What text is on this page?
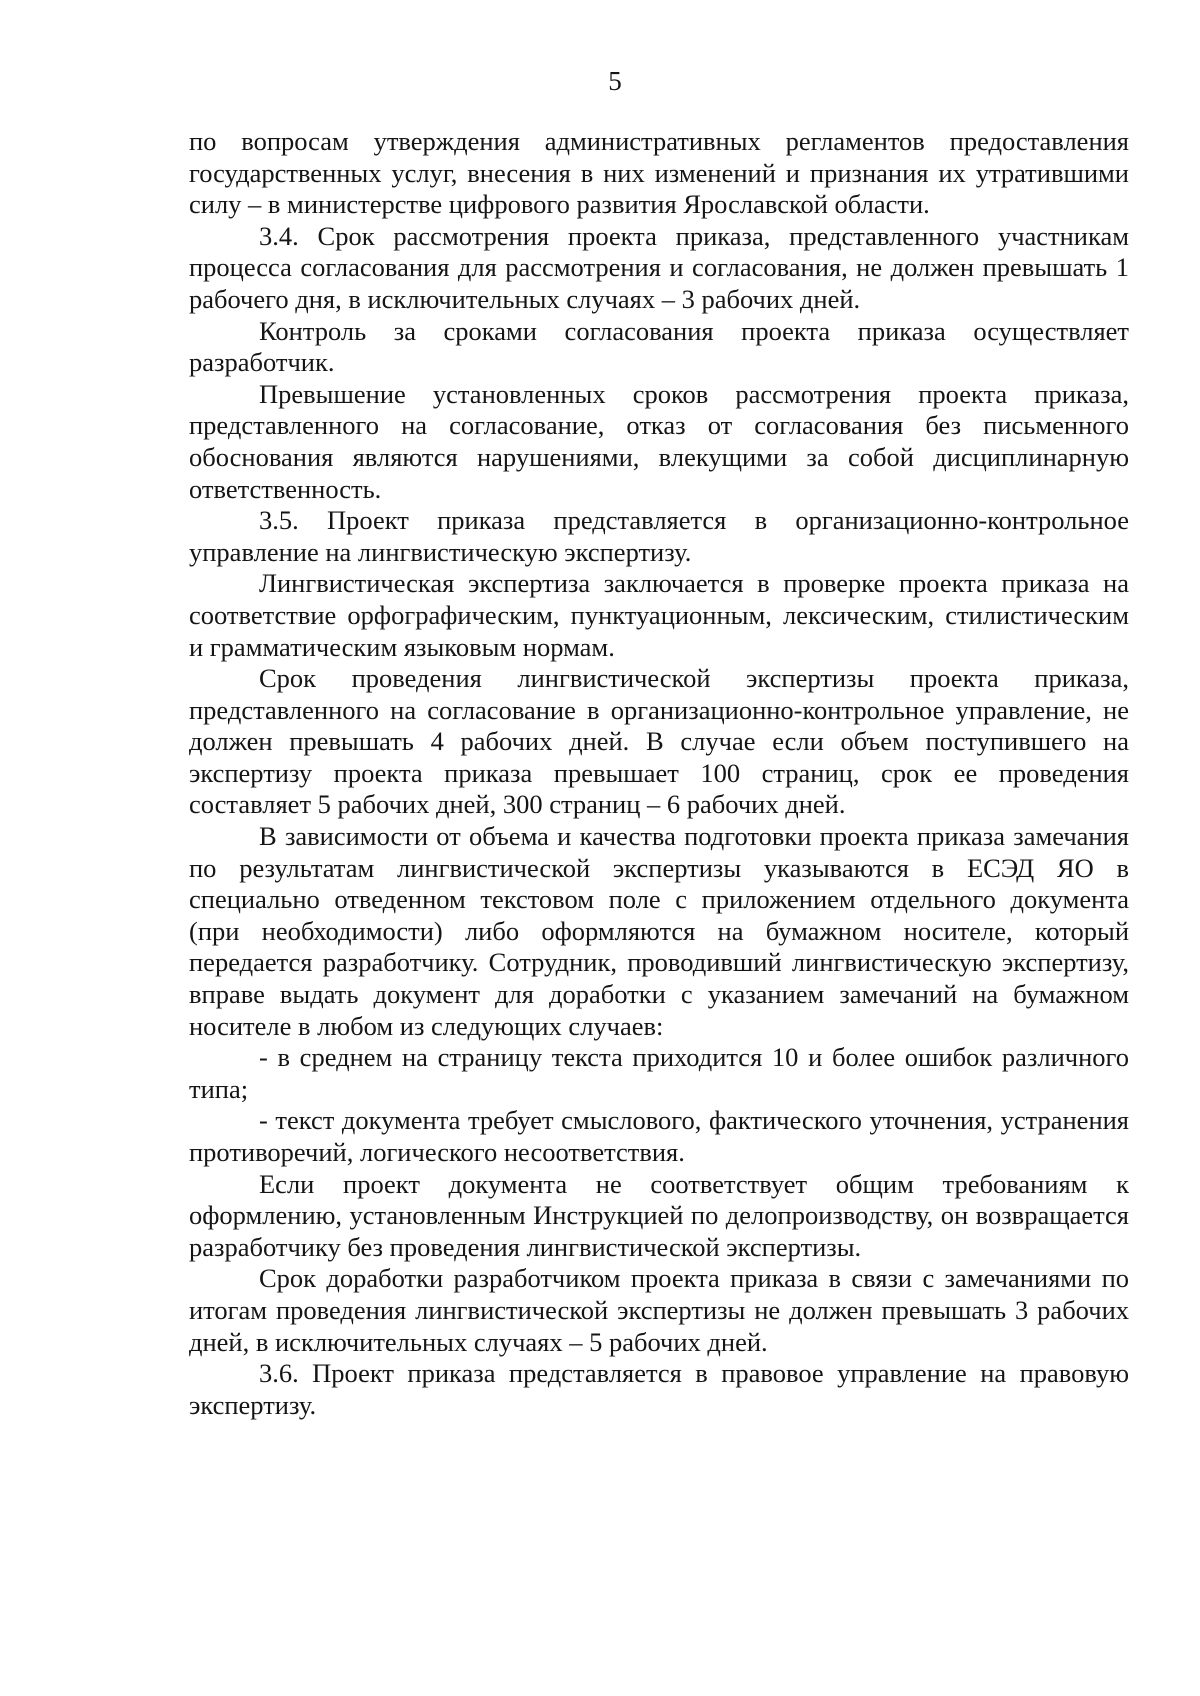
5

по вопросам утверждения административных регламентов предоставления государственных услуг, внесения в них изменений и признания их утратившими силу – в министерстве цифрового развития Ярославской области.

3.4. Срок рассмотрения проекта приказа, представленного участникам процесса согласования для рассмотрения и согласования, не должен превышать 1 рабочего дня, в исключительных случаях – 3 рабочих дней.

Контроль за сроками согласования проекта приказа осуществляет разработчик.

Превышение установленных сроков рассмотрения проекта приказа, представленного на согласование, отказ от согласования без письменного обоснования являются нарушениями, влекущими за собой дисциплинарную ответственность.

3.5. Проект приказа представляется в организационно-контрольное управление на лингвистическую экспертизу.

Лингвистическая экспертиза заключается в проверке проекта приказа на соответствие орфографическим, пунктуационным, лексическим, стилистическим и грамматическим языковым нормам.

Срок проведения лингвистической экспертизы проекта приказа, представленного на согласование в организационно-контрольное управление, не должен превышать 4 рабочих дней. В случае если объем поступившего на экспертизу проекта приказа превышает 100 страниц, срок ее проведения составляет 5 рабочих дней, 300 страниц – 6 рабочих дней.

В зависимости от объема и качества подготовки проекта приказа замечания по результатам лингвистической экспертизы указываются в ЕСЭД ЯО в специально отведенном текстовом поле с приложением отдельного документа (при необходимости) либо оформляются на бумажном носителе, который передается разработчику. Сотрудник, проводивший лингвистическую экспертизу, вправе выдать документ для доработки с указанием замечаний на бумажном носителе в любом из следующих случаев:

- в среднем на страницу текста приходится 10 и более ошибок различного типа;

- текст документа требует смыслового, фактического уточнения, устранения противоречий, логического несоответствия.

Если проект документа не соответствует общим требованиям к оформлению, установленным Инструкцией по делопроизводству, он возвращается разработчику без проведения лингвистической экспертизы.

Срок доработки разработчиком проекта приказа в связи с замечаниями по итогам проведения лингвистической экспертизы не должен превышать 3 рабочих дней, в исключительных случаях – 5 рабочих дней.

3.6. Проект приказа представляется в правовое управление на правовую экспертизу.
